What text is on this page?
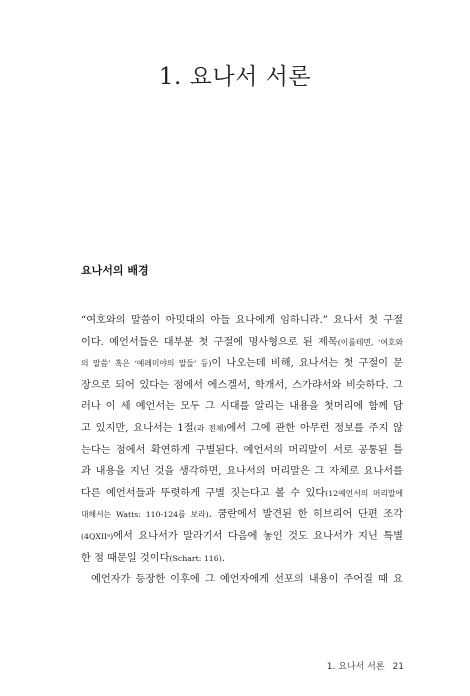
1. 요나서 서론
요나서의 배경
“여호와의 말씀이 아밋대의 아들 요나에게 임하니라.” 요나서 첫 구절
이다. 예언서들은 대부분 첫 구절에 명사형으로 된 제목(이를테면, ‘여호와
의 말씀’ 혹은 ‘예레미야의 말들’ 등)이 나오는데 비해, 요나서는 첫 구절이 문
장으로 되어 있다는 점에서 에스겔서, 학개서, 스가랴서와 비슷하다. 그
러나 이 세 예언서는 모두 그 시대를 알리는 내용을 첫머리에 함께 담
고 있지만, 요나서는 1절(과 전체)에서 그에 관한 아무런 정보를 주지 않
는다는 점에서 확연하게 구별된다. 예언서의 머리말이 서로 공통된 틀
과 내용을 지닌 것을 생각하면, 요나서의 머리말은 그 자체로 요나서를
다른 예언서들과 뚜렷하게 구별 짓는다고 볼 수 있다(12예언서의 머리말에
대해서는 Watts: 110-124를 보라). 쿰란에서 발견된 한 히브리어 단편 조각
(4QXIIᵃ)에서 요나서가 말라기서 다음에 놓인 것도 요나서가 지닌 특별
한 점 때문일 것이다(Schart: 116).
예언자가 등장한 이후에 그 예언자에게 선포의 내용이 주어질 때 요
1. 요나서 서론 21
